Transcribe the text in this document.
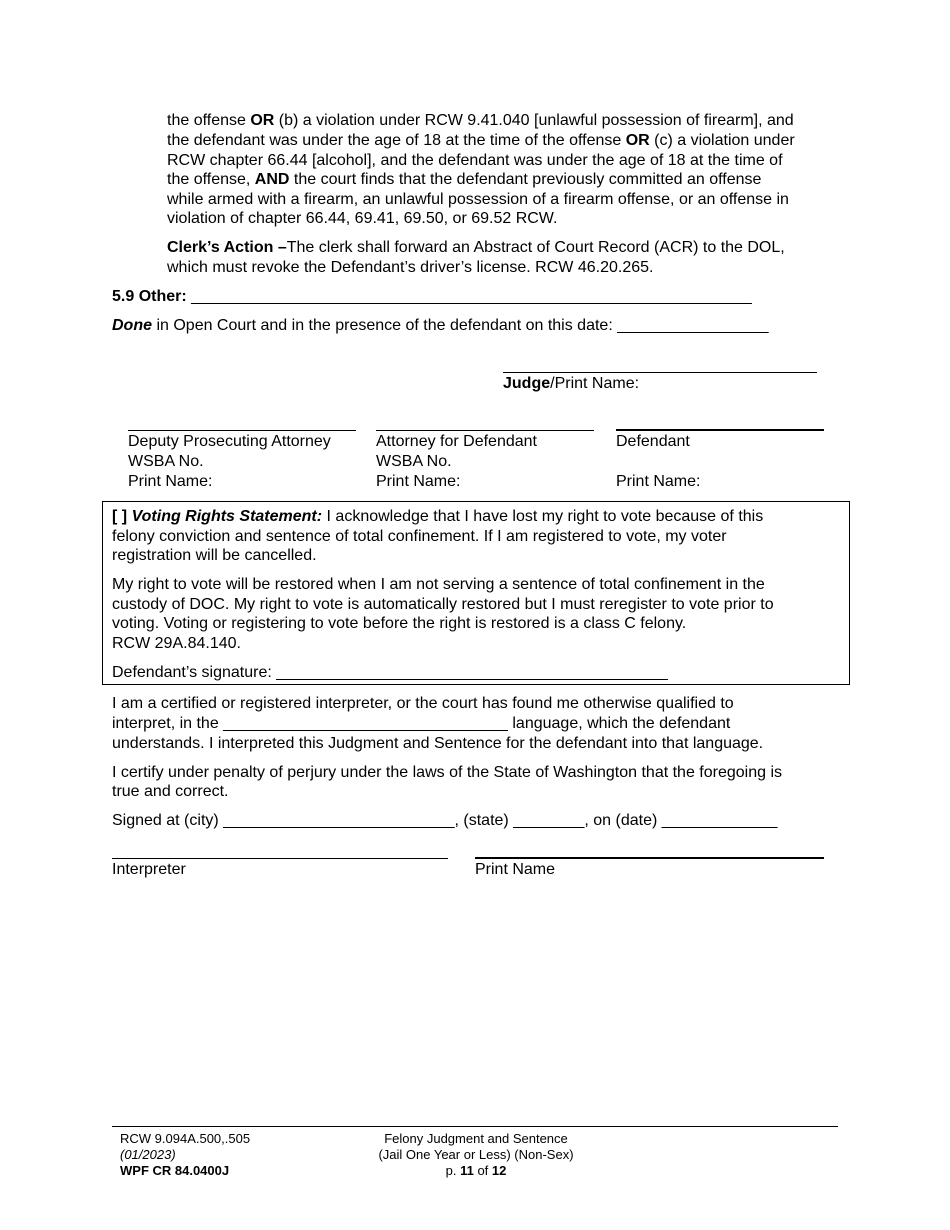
the offense OR (b) a violation under RCW 9.41.040 [unlawful possession of firearm], and
the defendant was under the age of 18 at the time of the offense OR (c) a violation under
RCW chapter 66.44 [alcohol], and the defendant was under the age of 18 at the time of
the offense, AND the court finds that the defendant previously committed an offense
while armed with a firearm, an unlawful possession of a firearm offense, or an offense in
violation of chapter 66.44, 69.41, 69.50, or 69.52 RCW.
Clerk’s Action –The clerk shall forward an Abstract of Court Record (ACR) to the DOL,
which must revoke the Defendant’s driver’s license. RCW 46.20.265.
5.9 Other: _______________________________________________________________
Done in Open Court and in the presence of the defendant on this date: _________________
Judge/Print Name:
Deputy Prosecuting Attorney
WSBA No.
Print Name:
Attorney for Defendant
WSBA No.
Print Name:
Defendant
Print Name:
[ ] Voting Rights Statement: I acknowledge that I have lost my right to vote because of this
felony conviction and sentence of total confinement. If I am registered to vote, my voter
registration will be cancelled.
My right to vote will be restored when I am not serving a sentence of total confinement in the
custody of DOC. My right to vote is automatically restored but I must reregister to vote prior to
voting. Voting or registering to vote before the right is restored is a class C felony.
RCW 29A.84.140.
Defendant’s signature: ____________________________________________
I am a certified or registered interpreter, or the court has found me otherwise qualified to
interpret, in the ________________________________ language, which the defendant
understands. I interpreted this Judgment and Sentence for the defendant into that language.
I certify under penalty of perjury under the laws of the State of Washington that the foregoing is
true and correct.
Signed at (city) __________________________, (state) ________, on (date) _____________
Interpreter	Print Name
RCW 9.094A.500,.505
(01/2023)
WPF CR 84.0400J
Felony Judgment and Sentence
(Jail One Year or Less) (Non-Sex)
p. 11 of 12
